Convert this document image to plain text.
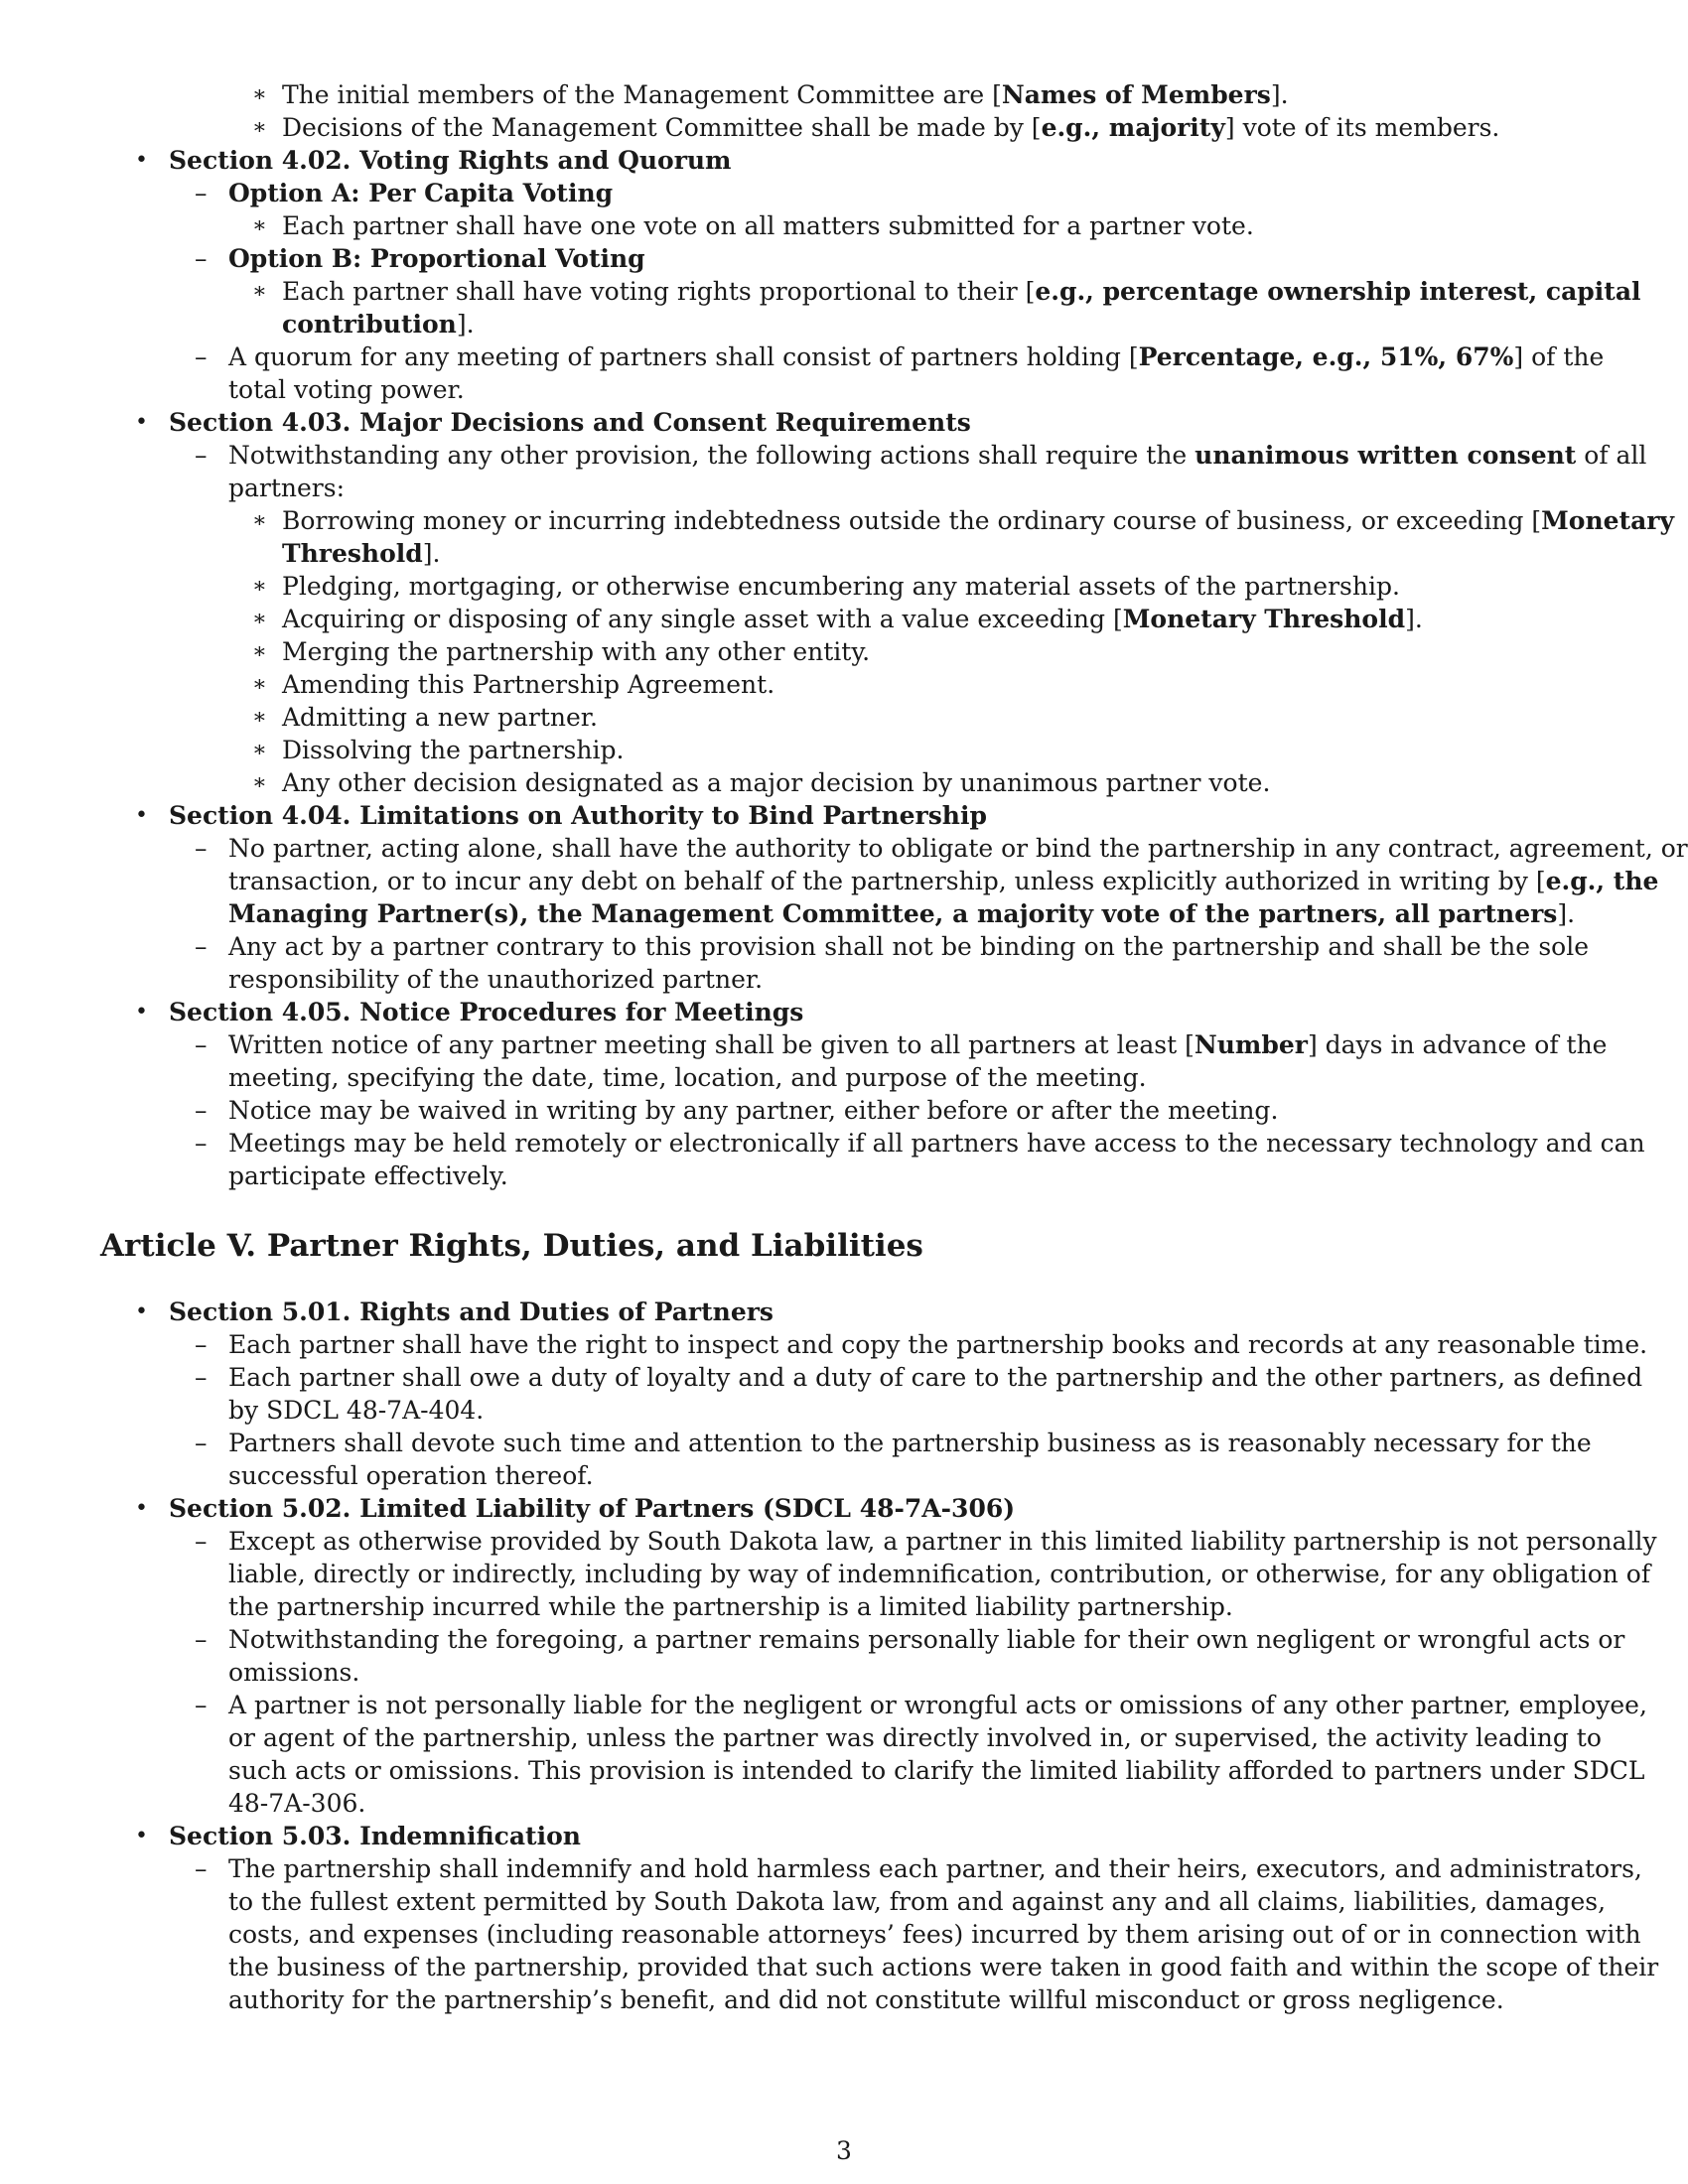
∗ The initial members of the Management Committee are [Names of Members].
∗ Decisions of the Management Committee shall be made by [e.g., majority] vote of its members.
• Section 4.02. Voting Rights and Quorum
– Option A: Per Capita Voting
∗ Each partner shall have one vote on all matters submitted for a partner vote.
– Option B: Proportional Voting
∗ Each partner shall have voting rights proportional to their [e.g., percentage ownership interest, capital
contribution].
– A quorum for any meeting of partners shall consist of partners holding [Percentage, e.g., 51%, 67%] of the
total voting power.
• Section 4.03. Major Decisions and Consent Requirements
– Notwithstanding any other provision, the following actions shall require the unanimous written consent of all
partners:
∗ Borrowing money or incurring indebtedness outside the ordinary course of business, or exceeding [Monetary
Threshold].
∗ Pledging, mortgaging, or otherwise encumbering any material assets of the partnership.
∗ Acquiring or disposing of any single asset with a value exceeding [Monetary Threshold].
∗ Merging the partnership with any other entity.
∗ Amending this Partnership Agreement.
∗ Admitting a new partner.
∗ Dissolving the partnership.
∗ Any other decision designated as a major decision by unanimous partner vote.
• Section 4.04. Limitations on Authority to Bind Partnership
– No partner, acting alone, shall have the authority to obligate or bind the partnership in any contract, agreement, or
transaction, or to incur any debt on behalf of the partnership, unless explicitly authorized in writing by [e.g., the
Managing Partner(s), the Management Committee, a majority vote of the partners, all partners].
– Any act by a partner contrary to this provision shall not be binding on the partnership and shall be the sole
responsibility of the unauthorized partner.
• Section 4.05. Notice Procedures for Meetings
– Written notice of any partner meeting shall be given to all partners at least [Number] days in advance of the
meeting, specifying the date, time, location, and purpose of the meeting.
– Notice may be waived in writing by any partner, either before or after the meeting.
– Meetings may be held remotely or electronically if all partners have access to the necessary technology and can
participate effectively.
Article V. Partner Rights, Duties, and Liabilities
• Section 5.01. Rights and Duties of Partners
– Each partner shall have the right to inspect and copy the partnership books and records at any reasonable time.
– Each partner shall owe a duty of loyalty and a duty of care to the partnership and the other partners, as defined
by SDCL 48-7A-404.
– Partners shall devote such time and attention to the partnership business as is reasonably necessary for the
successful operation thereof.
• Section 5.02. Limited Liability of Partners (SDCL 48-7A-306)
– Except as otherwise provided by South Dakota law, a partner in this limited liability partnership is not personally
liable, directly or indirectly, including by way of indemnification, contribution, or otherwise, for any obligation of
the partnership incurred while the partnership is a limited liability partnership.
– Notwithstanding the foregoing, a partner remains personally liable for their own negligent or wrongful acts or
omissions.
– A partner is not personally liable for the negligent or wrongful acts or omissions of any other partner, employee,
or agent of the partnership, unless the partner was directly involved in, or supervised, the activity leading to
such acts or omissions. This provision is intended to clarify the limited liability afforded to partners under SDCL
48-7A-306.
• Section 5.03. Indemnification
– The partnership shall indemnify and hold harmless each partner, and their heirs, executors, and administrators,
to the fullest extent permitted by South Dakota law, from and against any and all claims, liabilities, damages,
costs, and expenses (including reasonable attorneys’ fees) incurred by them arising out of or in connection with
the business of the partnership, provided that such actions were taken in good faith and within the scope of their
authority for the partnership’s benefit, and did not constitute willful misconduct or gross negligence.
3
